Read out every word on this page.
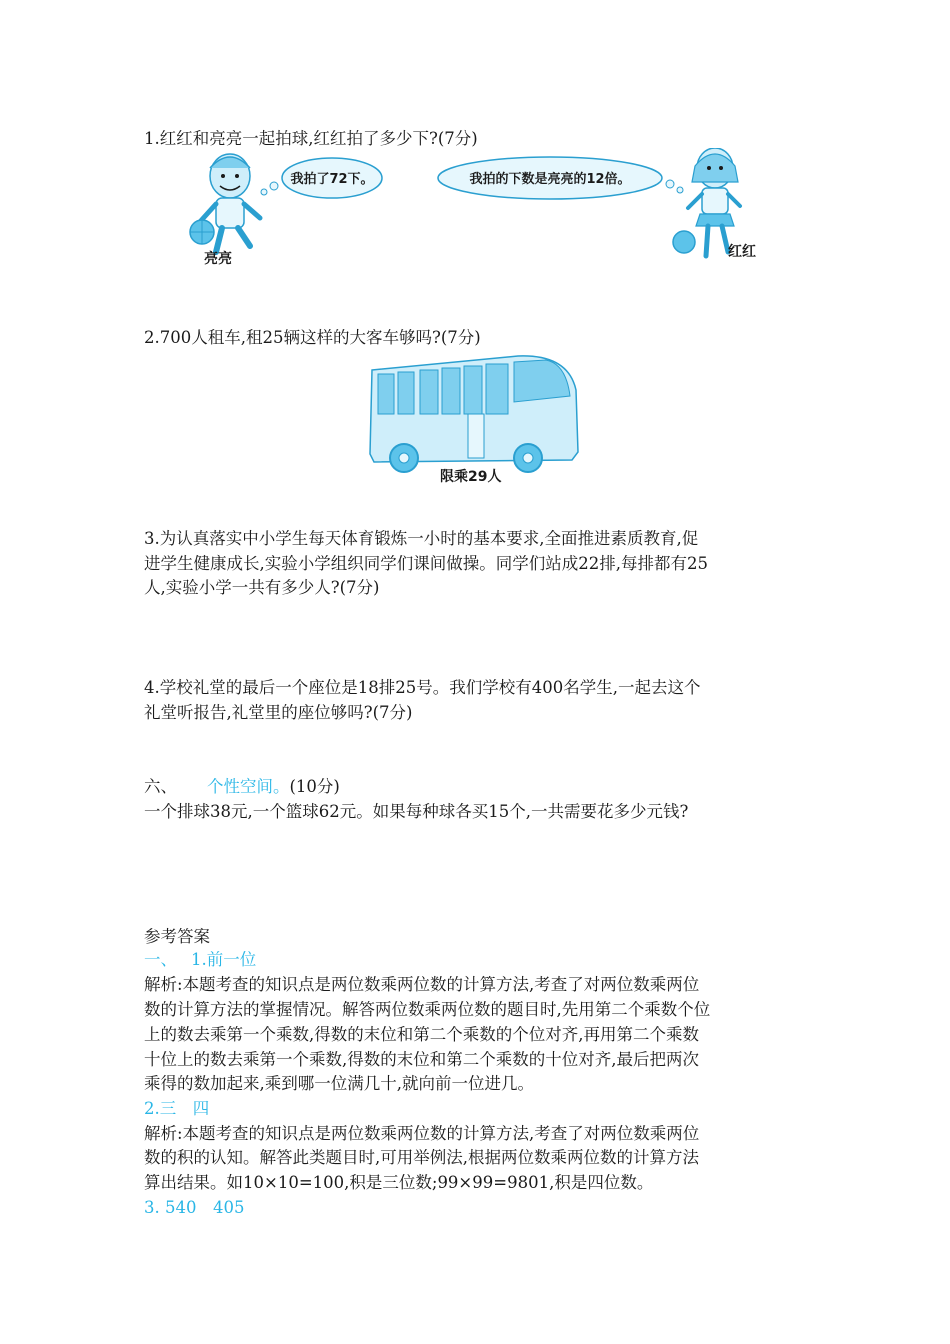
1.红红和亮亮一起拍球,红红拍了多少下?(7分)
亮亮
我拍了72下。	我拍的下数是亮亮的12倍。
红红
2.700人租车,租25辆这样的大客车够吗?(7分)
限乘29人
3.为认真落实中小学生每天体育锻炼一小时的基本要求,全面推进素质教育,促
进学生健康成长,实验小学组织同学们课间做操。同学们站成22排,每排都有25
人,实验小学一共有多少人?(7分)
4.学校礼堂的最后一个座位是18排25号。我们学校有400名学生,一起去这个
礼堂听报告,礼堂里的座位够吗?(7分)
六、 个性空间。(10分)
一个排球38元,一个篮球62元。如果每种球各买15个,一共需要花多少元钱?
参考答案
一、 1.前一位
解析:本题考查的知识点是两位数乘两位数的计算方法,考查了对两位数乘两位
数的计算方法的掌握情况。解答两位数乘两位数的题目时,先用第二个乘数个位
上的数去乘第一个乘数,得数的末位和第二个乘数的个位对齐,再用第二个乘数
十位上的数去乘第一个乘数,得数的末位和第二个乘数的十位对齐,最后把两次
乘得的数加起来,乘到哪一位满几十,就向前一位进几。
2.三　四
解析:本题考查的知识点是两位数乘两位数的计算方法,考查了对两位数乘两位
数的积的认知。解答此类题目时,可用举例法,根据两位数乘两位数的计算方法
算出结果。如10×10=100,积是三位数;99×99=9801,积是四位数。
3. 540　405
